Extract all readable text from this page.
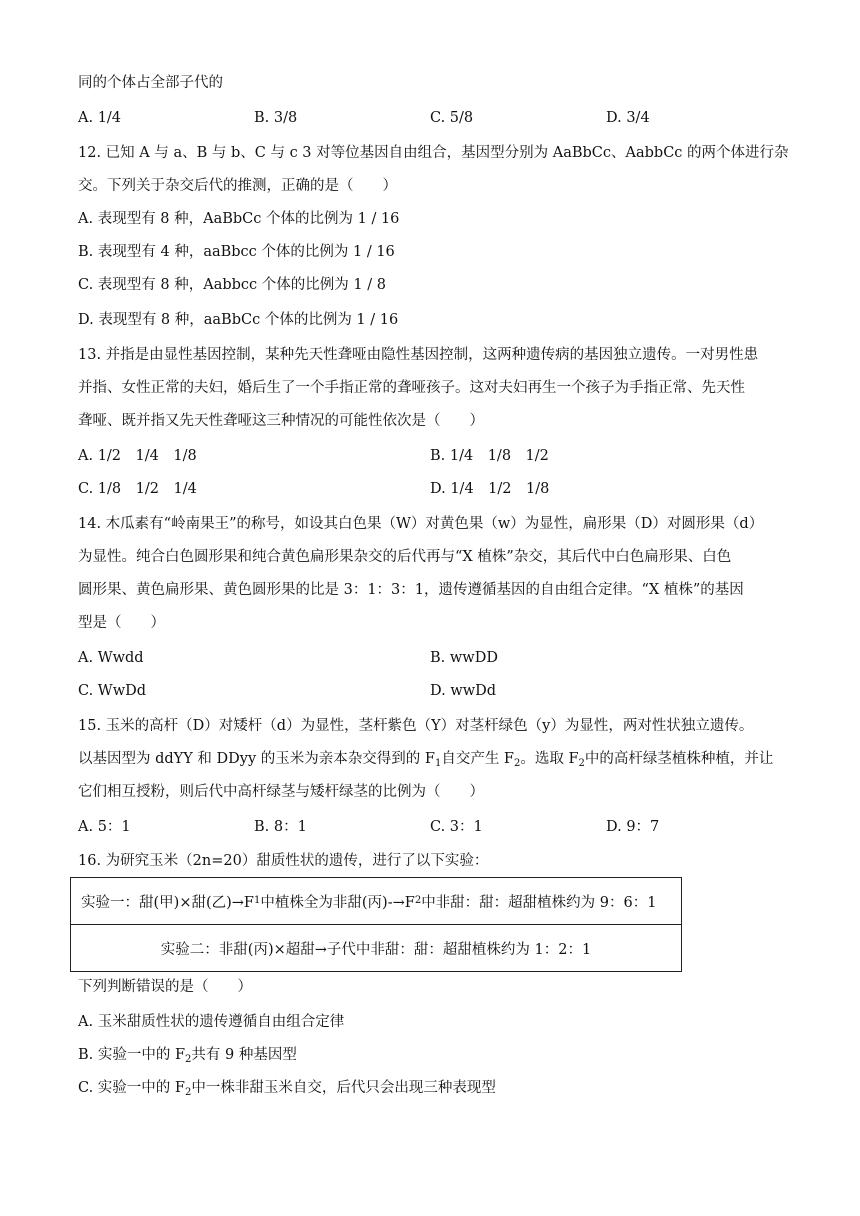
同的个体占全部子代的
A. 1/4	B. 3/8	C. 5/8	D. 3/4
12. 已知 A 与 a、B 与 b、C 与 c 3 对等位基因自由组合，基因型分别为 AaBbCc、AabbCc 的两个体进行杂
交。下列关于杂交后代的推测，正确的是（　　）
A. 表现型有 8 种，AaBbCc 个体的比例为 1 / 16
B. 表现型有 4 种，aaBbcc 个体的比例为 1 / 16
C. 表现型有 8 种，Aabbcc 个体的比例为 1 / 8
D. 表现型有 8 种，aaBbCc 个体的比例为 1 / 16
13. 并指是由显性基因控制，某种先天性聋哑由隐性基因控制，这两种遗传病的基因独立遗传。一对男性患
并指、女性正常的夫妇，婚后生了一个手指正常的聋哑孩子。这对夫妇再生一个孩子为手指正常、先天性
聋哑、既并指又先天性聋哑这三种情况的可能性依次是（　　）
A. 1/2　1/4　1/8	B. 1/4　1/8　1/2
C. 1/8　1/2　1/4	D. 1/4　1/2　1/8
14. 木瓜素有“岭南果王”的称号，如设其白色果（W）对黄色果（w）为显性，扁形果（D）对圆形果（d）
为显性。纯合白色圆形果和纯合黄色扁形果杂交的后代再与“X 植株”杂交，其后代中白色扁形果、白色
圆形果、黄色扁形果、黄色圆形果的比是 3：1：3：1，遗传遵循基因的自由组合定律。“X 植株”的基因
型是（　　）
A. Wwdd	B. wwDD
C. WwDd	D. wwDd
15. 玉米的高杆（D）对矮杆（d）为显性，茎杆紫色（Y）对茎杆绿色（y）为显性，两对性状独立遗传。
以基因型为 ddYY 和 DDyy 的玉米为亲本杂交得到的 $F_1$自交产生 $F_2$。选取 $F_2$中的高杆绿茎植株种植，并让
它们相互授粉，则后代中高杆绿茎与矮杆绿茎的比例为（　　）
A. 5：1	B. 8：1	C. 3：1	D. 9：7
16. 为研究玉米（2n=20）甜质性状的遗传，进行了以下实验：
实验一：甜(甲)×甜(乙)→F 1 中植株全为非甜(丙)-→F 2 中非甜：甜：超甜植株约为 9：6：1
实验二：非甜(丙)×超甜→子代中非甜：甜：超甜植株约为 1：2：1
下列判断错误的是（　　）
A. 玉米甜质性状的遗传遵循自由组合定律
B. 实验一中的 $F_2$共有 9 种基因型
C. 实验一中的 $F_2$中一株非甜玉米自交，后代只会出现三种表现型
